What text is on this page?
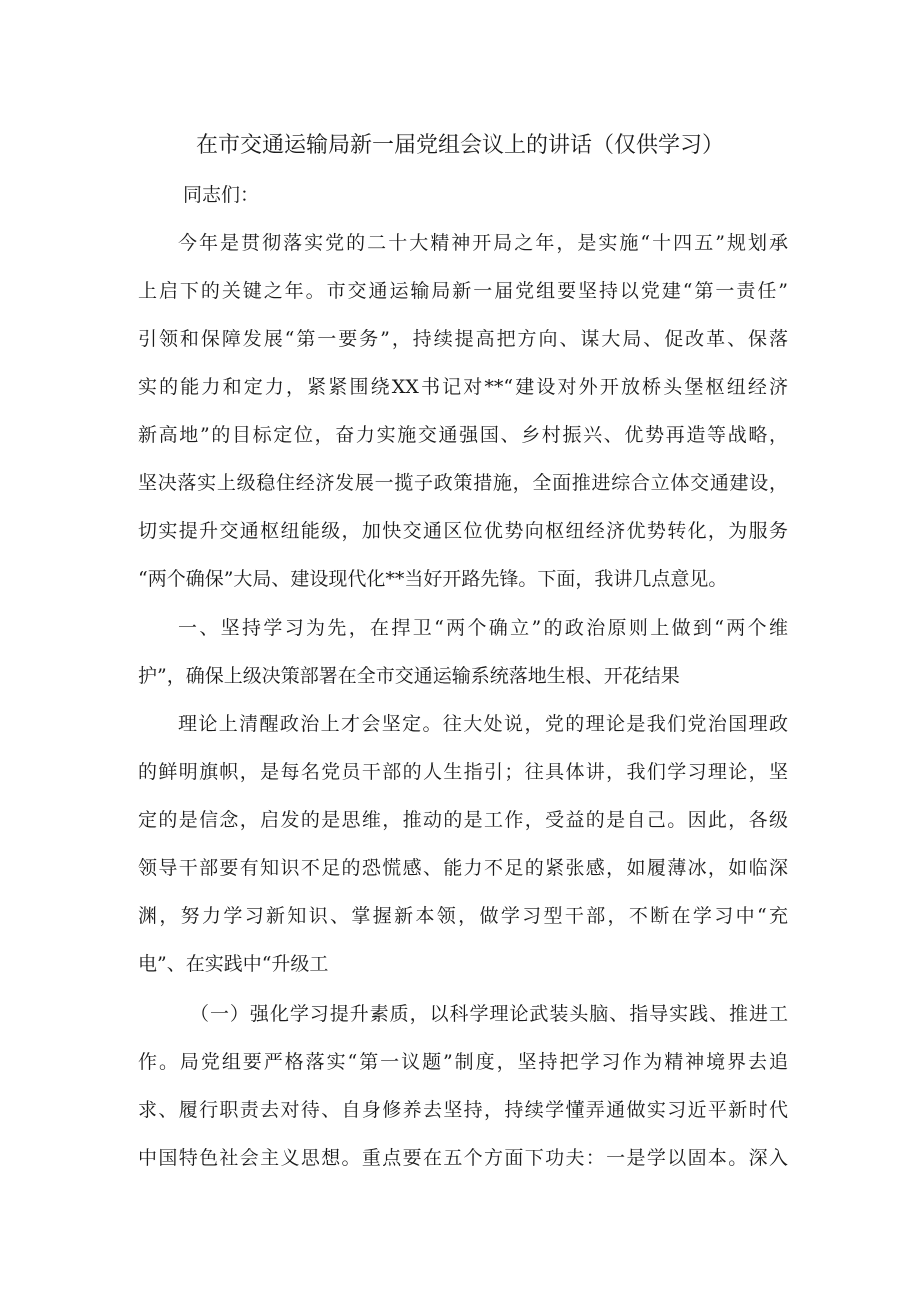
在市交通运输局新一届党组会议上的讲话（仅供学习）

同志们：

今年是贯彻落实党的二十大精神开局之年，是实施“十四五”规划承

上启下的关键之年。市交通运输局新一届党组要坚持以党建“第一责任”

引领和保障发展“第一要务”，持续提高把方向、谋大局、促改革、保落

实的能力和定力，紧紧围绕XX书记对**“建设对外开放桥头堡枢纽经济

新高地”的目标定位，奋力实施交通强国、乡村振兴、优势再造等战略，

坚决落实上级稳住经济发展一揽子政策措施，全面推进综合立体交通建设，

切实提升交通枢纽能级，加快交通区位优势向枢纽经济优势转化，为服务

“两个确保”大局、建设现代化**当好开路先锋。下面，我讲几点意见。

一、坚持学习为先，在捍卫“两个确立”的政治原则上做到“两个维

护”，确保上级决策部署在全市交通运输系统落地生根、开花结果

理论上清醒政治上才会坚定。往大处说，党的理论是我们党治国理政

的鲜明旗帜，是每名党员干部的人生指引；往具体讲，我们学习理论，坚

定的是信念，启发的是思维，推动的是工作，受益的是自己。因此，各级

领导干部要有知识不足的恐慌感、能力不足的紧张感，如履薄冰，如临深

渊，努力学习新知识、掌握新本领，做学习型干部，不断在学习中“充

电”、在实践中“升级工

（一）强化学习提升素质，以科学理论武装头脑、指导实践、推进工

作。局党组要严格落实“第一议题”制度，坚持把学习作为精神境界去追

求、履行职责去对待、自身修养去坚持，持续学懂弄通做实习近平新时代

中国特色社会主义思想。重点要在五个方面下功夫：一是学以固本。深入
